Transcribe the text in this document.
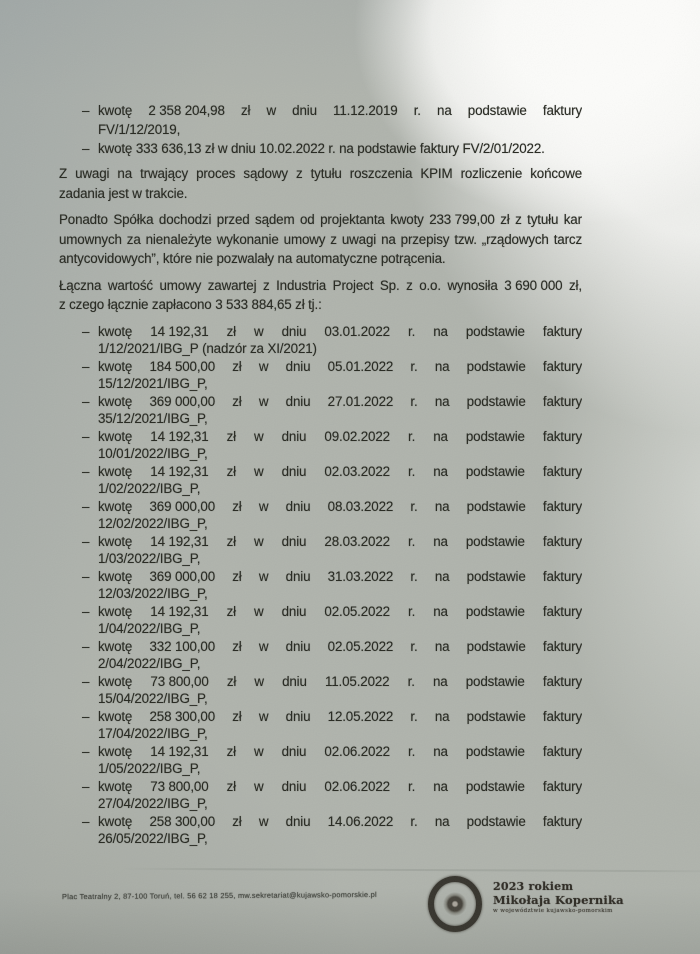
– kwotę 2 358 204,98 zł w dniu 11.12.2019 r. na podstawie faktury
FV/1/12/2019,
– kwotę 333 636,13 zł w dniu 10.02.2022 r. na podstawie faktury FV/2/01/2022.
Z uwagi na trwający proces sądowy z tytułu roszczenia KPIM rozliczenie końcowe
zadania jest w trakcie.
Ponadto Spółka dochodzi przed sądem od projektanta kwoty 233 799,00 zł z tytułu kar
umownych za nienależyte wykonanie umowy z uwagi na przepisy tzw. „rządowych tarcz
antycovidowych”, które nie pozwalały na automatyczne potrącenia.
Łączna wartość umowy zawartej z Industria Project Sp. z o.o. wynosiła 3 690 000 zł,
z czego łącznie zapłacono 3 533 884,65 zł tj.:
– kwotę 14 192,31 zł w dniu 03.01.2022 r. na podstawie faktury
1/12/2021/IBG_P (nadzór za XI/2021)
– kwotę 184 500,00 zł w dniu 05.01.2022 r. na podstawie faktury
15/12/2021/IBG_P,
– kwotę 369 000,00 zł w dniu 27.01.2022 r. na podstawie faktury
35/12/2021/IBG_P,
– kwotę 14 192,31 zł w dniu 09.02.2022 r. na podstawie faktury
10/01/2022/IBG_P,
– kwotę 14 192,31 zł w dniu 02.03.2022 r. na podstawie faktury
1/02/2022/IBG_P,
– kwotę 369 000,00 zł w dniu 08.03.2022 r. na podstawie faktury
12/02/2022/IBG_P,
– kwotę 14 192,31 zł w dniu 28.03.2022 r. na podstawie faktury
1/03/2022/IBG_P,
– kwotę 369 000,00 zł w dniu 31.03.2022 r. na podstawie faktury
12/03/2022/IBG_P,
– kwotę 14 192,31 zł w dniu 02.05.2022 r. na podstawie faktury
1/04/2022/IBG_P,
– kwotę 332 100,00 zł w dniu 02.05.2022 r. na podstawie faktury
2/04/2022/IBG_P,
– kwotę 73 800,00 zł w dniu 11.05.2022 r. na podstawie faktury
15/04/2022/IBG_P,
– kwotę 258 300,00 zł w dniu 12.05.2022 r. na podstawie faktury
17/04/2022/IBG_P,
– kwotę 14 192,31 zł w dniu 02.06.2022 r. na podstawie faktury
1/05/2022/IBG_P,
– kwotę 73 800,00 zł w dniu 02.06.2022 r. na podstawie faktury
27/04/2022/IBG_P,
– kwotę 258 300,00 zł w dniu 14.06.2022 r. na podstawie faktury
26/05/2022/IBG_P,
Plac Teatralny 2, 87-100 Toruń, tel. 56 62 18 255, mw.sekretariat@kujawsko-pomorskie.pl
2023 rokiem
Mikołaja Kopernika
w województwie kujawsko-pomorskim
